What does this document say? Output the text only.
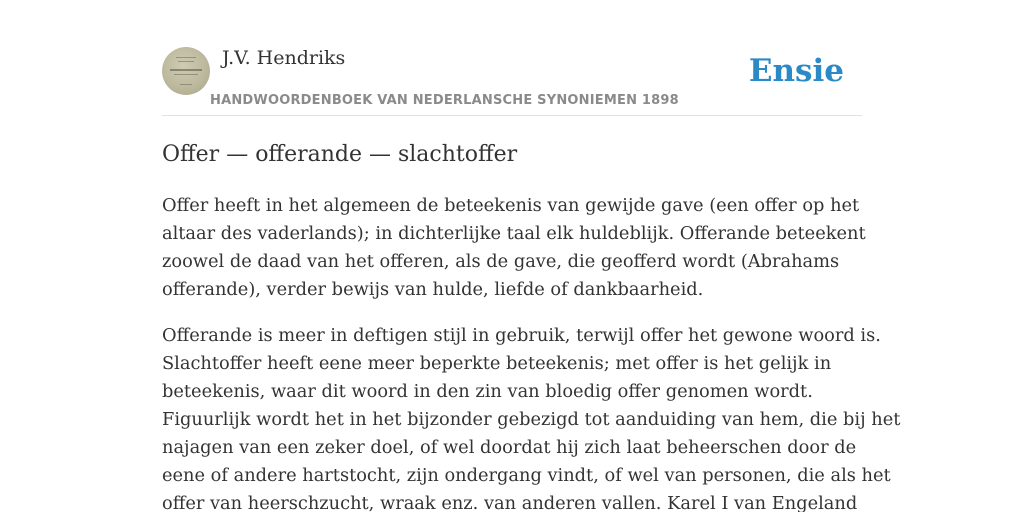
J.V. Hendriks
HANDWOORDENBOEK VAN NEDERLANSCHE SYNONIEMEN 1898
Ensie
Offer — offerande — slachtoffer

Offer heeft in het algemeen de beteekenis van gewijde gave (een offer op het
altaar des vaderlands); in dichterlijke taal elk huldeblijk. Offerande beteekent
zoowel de daad van het offeren, als de gave, die geofferd wordt (Abrahams
offerande), verder bewijs van hulde, liefde of dankbaarheid.

Offerande is meer in deftigen stijl in gebruik, terwijl offer het gewone woord is.
Slachtoffer heeft eene meer beperkte beteekenis; met offer is het gelijk in
beteekenis, waar dit woord in den zin van bloedig offer genomen wordt.
Figuurlijk wordt het in het bijzonder gebezigd tot aanduiding van hem, die bij het
najagen van een zeker doel, of wel doordat hij zich laat beheerschen door de
eene of andere hartstocht, zijn ondergang vindt, of wel van personen, die als het
offer van heerschzucht, wraak enz. van anderen vallen. Karel I van Engeland
